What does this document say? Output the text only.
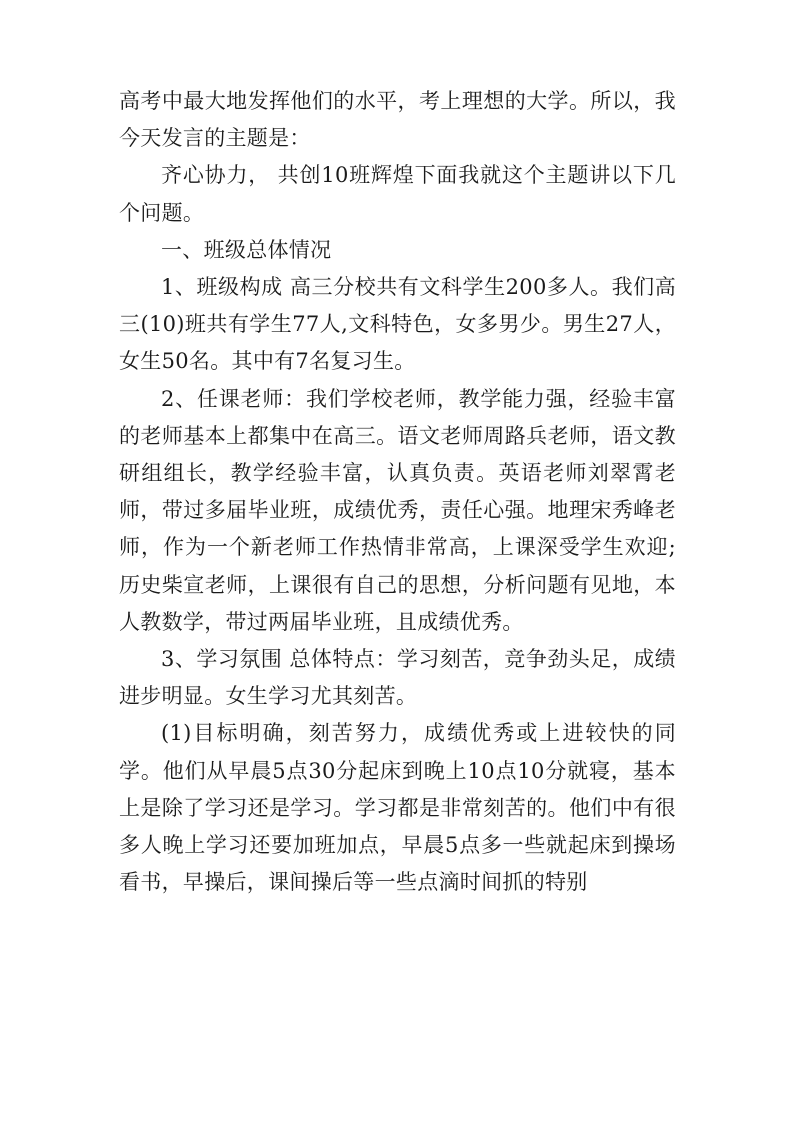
高考中最大地发挥他们的水平，考上理想的大学。所以，我今天发言的主题是：

齐心协力， 共创10班辉煌下面我就这个主题讲以下几个问题。

一、班级总体情况

1、班级构成 高三分校共有文科学生200多人。我们高三(10)班共有学生77人,文科特色，女多男少。男生27人，女生50名。其中有7名复习生。

2、任课老师：我们学校老师，教学能力强，经验丰富的老师基本上都集中在高三。语文老师周路兵老师，语文教研组组长，教学经验丰富，认真负责。英语老师刘翠霄老师，带过多届毕业班，成绩优秀，责任心强。地理宋秀峰老师，作为一个新老师工作热情非常高，上课深受学生欢迎;历史柴宣老师，上课很有自己的思想，分析问题有见地，本人教数学，带过两届毕业班，且成绩优秀。

3、学习氛围 总体特点：学习刻苦，竞争劲头足，成绩进步明显。女生学习尤其刻苦。

(1)目标明确，刻苦努力，成绩优秀或上进较快的同学。他们从早晨5点30分起床到晚上10点10分就寝，基本上是除了学习还是学习。学习都是非常刻苦的。他们中有很多人晚上学习还要加班加点，早晨5点多一些就起床到操场看书，早操后，课间操后等一些点滴时间抓的特别
